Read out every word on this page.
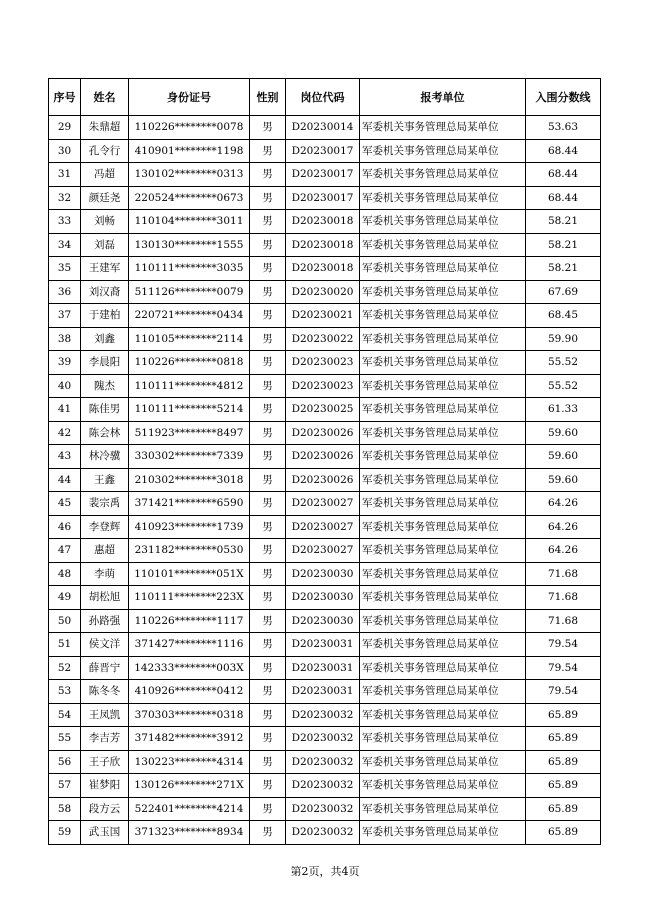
序号	姓名	身份证号	性别	岗位代码	报考单位	入围分数线
29	朱鼎超	110226********0078	男	D20230014	军委机关事务管理总局某单位	53.63
30	孔令行	410901********1198	男	D20230017	军委机关事务管理总局某单位	68.44
31	冯超	130102********0313	男	D20230017	军委机关事务管理总局某单位	68.44
32	颜廷尧	220524********0673	男	D20230017	军委机关事务管理总局某单位	68.44
33	刘畅	110104********3011	男	D20230018	军委机关事务管理总局某单位	58.21
34	刘磊	130130********1555	男	D20230018	军委机关事务管理总局某单位	58.21
35	王建军	110111********3035	男	D20230018	军委机关事务管理总局某单位	58.21
36	刘汉裔	511126********0079	男	D20230020	军委机关事务管理总局某单位	67.69
37	于建柏	220721********0434	男	D20230021	军委机关事务管理总局某单位	68.45
38	刘鑫	110105********2114	男	D20230022	军委机关事务管理总局某单位	59.90
39	李晨阳	110226********0818	男	D20230023	军委机关事务管理总局某单位	55.52
40	隗杰	110111********4812	男	D20230023	军委机关事务管理总局某单位	55.52
41	陈佳男	110111********5214	男	D20230025	军委机关事务管理总局某单位	61.33
42	陈会林	511923********8497	男	D20230026	军委机关事务管理总局某单位	59.60
43	林冷骥	330302********7339	男	D20230026	军委机关事务管理总局某单位	59.60
44	王鑫	210302********3018	男	D20230026	军委机关事务管理总局某单位	59.60
45	裴宗禹	371421********6590	男	D20230027	军委机关事务管理总局某单位	64.26
46	李登辉	410923********1739	男	D20230027	军委机关事务管理总局某单位	64.26
47	惠超	231182********0530	男	D20230027	军委机关事务管理总局某单位	64.26
48	李萌	110101********051X	男	D20230030	军委机关事务管理总局某单位	71.68
49	胡松旭	110111********223X	男	D20230030	军委机关事务管理总局某单位	71.68
50	孙路强	110226********1117	男	D20230030	军委机关事务管理总局某单位	71.68
51	侯文洋	371427********1116	男	D20230031	军委机关事务管理总局某单位	79.54
52	薛晋宁	142333********003X	男	D20230031	军委机关事务管理总局某单位	79.54
53	陈冬冬	410926********0412	男	D20230031	军委机关事务管理总局某单位	79.54
54	王凤凯	370303********0318	男	D20230032	军委机关事务管理总局某单位	65.89
55	李吉芳	371482********3912	男	D20230032	军委机关事务管理总局某单位	65.89
56	王子欣	130223********4314	男	D20230032	军委机关事务管理总局某单位	65.89
57	崔梦阳	130126********271X	男	D20230032	军委机关事务管理总局某单位	65.89
58	段方云	522401********4214	男	D20230032	军委机关事务管理总局某单位	65.89
59	武玉国	371323********8934	男	D20230032	军委机关事务管理总局某单位	65.89
第2页，共4页
